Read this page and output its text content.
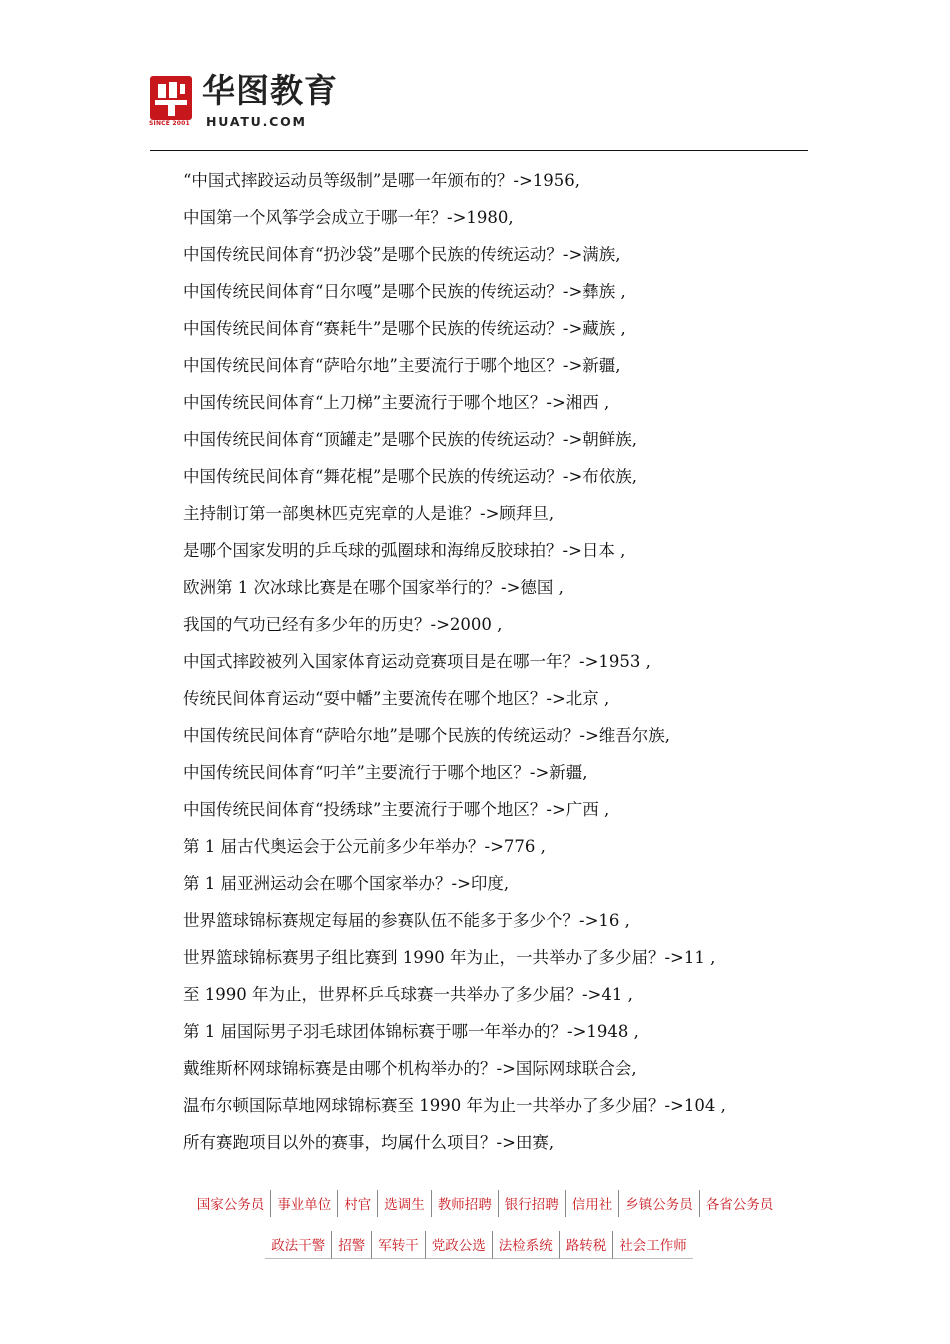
SINCE 2001
华图教育
HUATU.COM
“中国式摔跤运动员等级制”是哪一年颁布的？->1956,
中国第一个风筝学会成立于哪一年？->1980,
中国传统民间体育“扔沙袋”是哪个民族的传统运动？->满族,
中国传统民间体育“日尔嘎”是哪个民族的传统运动？->彝族 ,
中国传统民间体育“赛耗牛”是哪个民族的传统运动？->藏族 ,
中国传统民间体育“萨哈尔地”主要流行于哪个地区？->新疆,
中国传统民间体育“上刀梯”主要流行于哪个地区？->湘西 ,
中国传统民间体育“顶罐走”是哪个民族的传统运动？->朝鲜族,
中国传统民间体育“舞花棍”是哪个民族的传统运动？->布依族,
主持制订第一部奥林匹克宪章的人是谁？->顾拜旦,
是哪个国家发明的乒乓球的弧圈球和海绵反胶球拍？->日本 ,
欧洲第 1 次冰球比赛是在哪个国家举行的？->德国 ,
我国的气功已经有多少年的历史？->2000 ,
中国式摔跤被列入国家体育运动竞赛项目是在哪一年？->1953 ,
传统民间体育运动“耍中幡”主要流传在哪个地区？->北京 ,
中国传统民间体育“萨哈尔地”是哪个民族的传统运动？->维吾尔族,
中国传统民间体育“叼羊”主要流行于哪个地区？->新疆,
中国传统民间体育“投绣球”主要流行于哪个地区？->广西 ,
第 1 届古代奥运会于公元前多少年举办？->776 ,
第 1 届亚洲运动会在哪个国家举办？->印度,
世界篮球锦标赛规定每届的参赛队伍不能多于多少个？->16 ,
世界篮球锦标赛男子组比赛到 1990 年为止，一共举办了多少届？->11 ,
至 1990 年为止，世界杯乒乓球赛一共举办了多少届？->41 ,
第 1 届国际男子羽毛球团体锦标赛于哪一年举办的？->1948 ,
戴维斯杯网球锦标赛是由哪个机构举办的？->国际网球联合会,
温布尔顿国际草地网球锦标赛至 1990 年为止一共举办了多少届？->104 ,
所有赛跑项目以外的赛事，均属什么项目？->田赛,
国家公务员 事业单位 村官 选调生 教师招聘 银行招聘 信用社 乡镇公务员 各省公务员
政法干警 招警 军转干 党政公选 法检系统 路转税 社会工作师
